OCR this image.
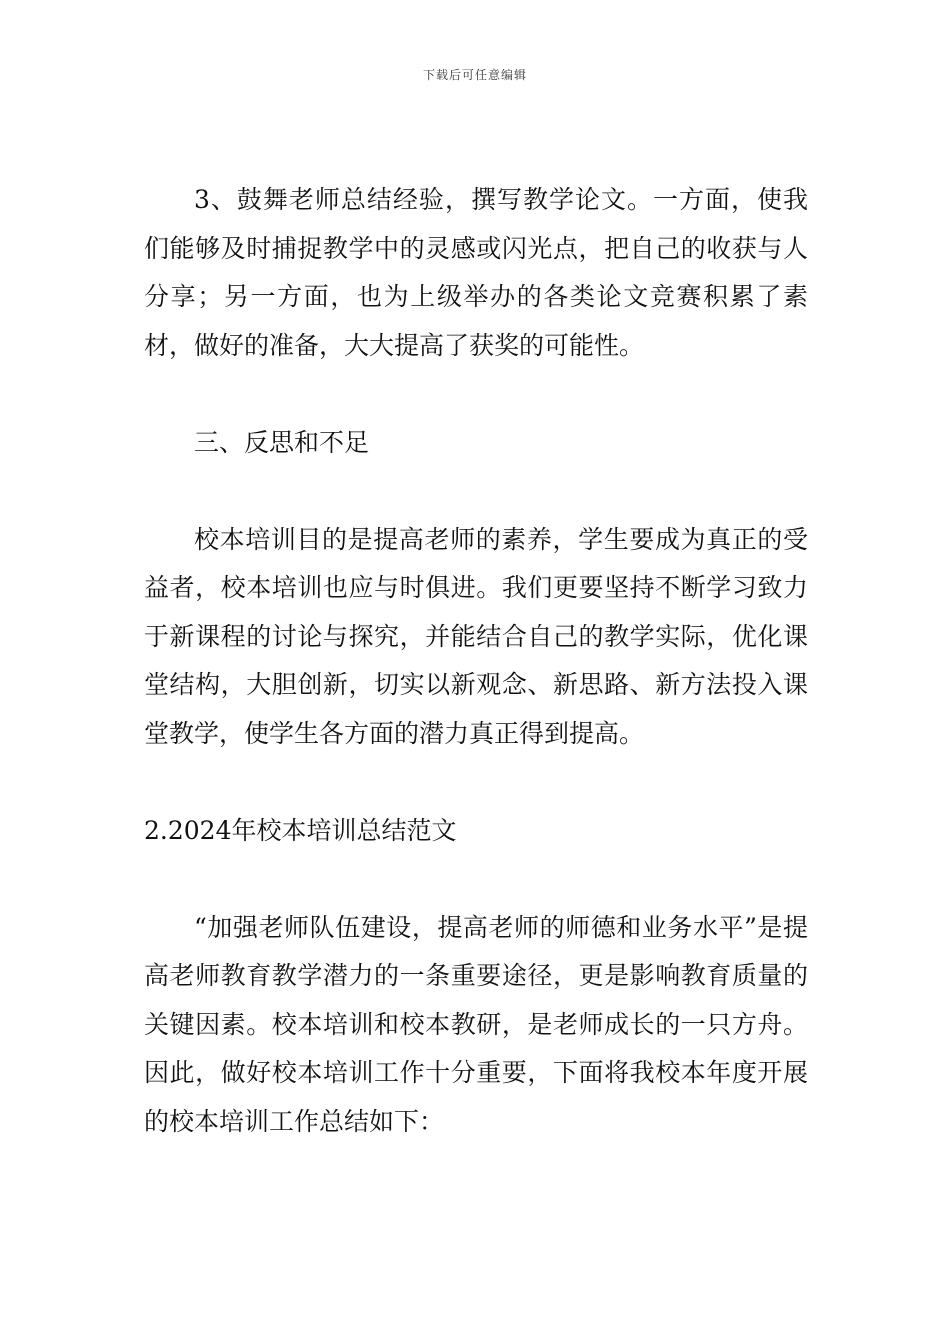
下载后可任意编辑

3、鼓舞老师总结经验，撰写教学论文。一方面，使我们能够及时捕捉教学中的灵感或闪光点，把自己的收获与人分享；另一方面，也为上级举办的各类论文竞赛积累了素材，做好的准备，大大提高了获奖的可能性。

三、反思和不足

校本培训目的是提高老师的素养，学生要成为真正的受益者，校本培训也应与时俱进。我们更要坚持不断学习致力于新课程的讨论与探究，并能结合自己的教学实际，优化课堂结构，大胆创新，切实以新观念、新思路、新方法投入课堂教学，使学生各方面的潜力真正得到提高。

2.2024年校本培训总结范文

“加强老师队伍建设，提高老师的师德和业务水平”是提高老师教育教学潜力的一条重要途径，更是影响教育质量的关键因素。校本培训和校本教研，是老师成长的一只方舟。因此，做好校本培训工作十分重要，下面将我校本年度开展的校本培训工作总结如下：
